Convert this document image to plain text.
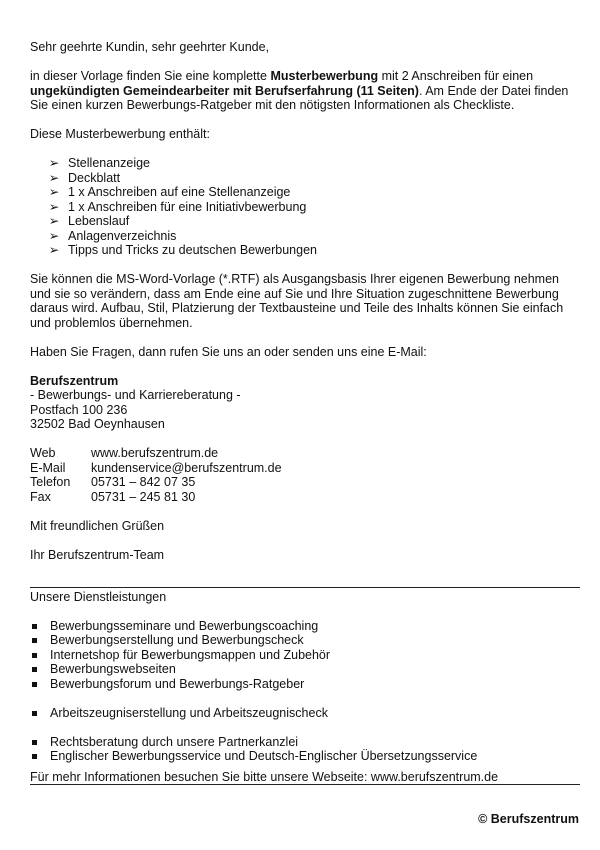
Sehr geehrte Kundin, sehr geehrter Kunde,

in dieser Vorlage finden Sie eine komplette Musterbewerbung mit 2 Anschreiben für einen ungekündigten Gemeindearbeiter mit Berufserfahrung (11 Seiten). Am Ende der Datei finden Sie einen kurzen Bewerbungs-Ratgeber mit den nötigsten Informationen als Checkliste.

Diese Musterbewerbung enthält:

➢ Stellenanzeige
➢ Deckblatt
➢ 1 x Anschreiben auf eine Stellenanzeige
➢ 1 x Anschreiben für eine Initiativbewerbung
➢ Lebenslauf
➢ Anlagenverzeichnis
➢ Tipps und Tricks zu deutschen Bewerbungen

Sie können die MS-Word-Vorlage (*.RTF) als Ausgangsbasis Ihrer eigenen Bewerbung nehmen und sie so verändern, dass am Ende eine auf Sie und Ihre Situation zugeschnittene Bewerbung daraus wird. Aufbau, Stil, Platzierung der Textbausteine und Teile des Inhalts können Sie einfach und problemlos übernehmen.

Haben Sie Fragen, dann rufen Sie uns an oder senden uns eine E-Mail:

Berufszentrum

- Bewerbungs- und Karriereberatung -

Postfach 100 236

32502 Bad Oeynhausen

Web	www.berufszentrum.de
E-Mail	kundenservice@berufszentrum.de
Telefon	05731 – 842 07 35
Fax	05731 – 245 81 30

Mit freundlichen Grüßen

Ihr Berufszentrum-Team

Unsere Dienstleistungen

Bewerbungsseminare und Bewerbungscoaching
Bewerbungserstellung und Bewerbungscheck
Internetshop für Bewerbungsmappen und Zubehör
Bewerbungswebseiten
Bewerbungsforum und Bewerbungs-Ratgeber
Arbeitszeugniserstellung und Arbeitszeugnischeck
Rechtsberatung durch unsere Partnerkanzlei
Englischer Bewerbungsservice und Deutsch-Englischer Übersetzungsservice

Für mehr Informationen besuchen Sie bitte unsere Webseite: www.berufszentrum.de

© Berufszentrum
